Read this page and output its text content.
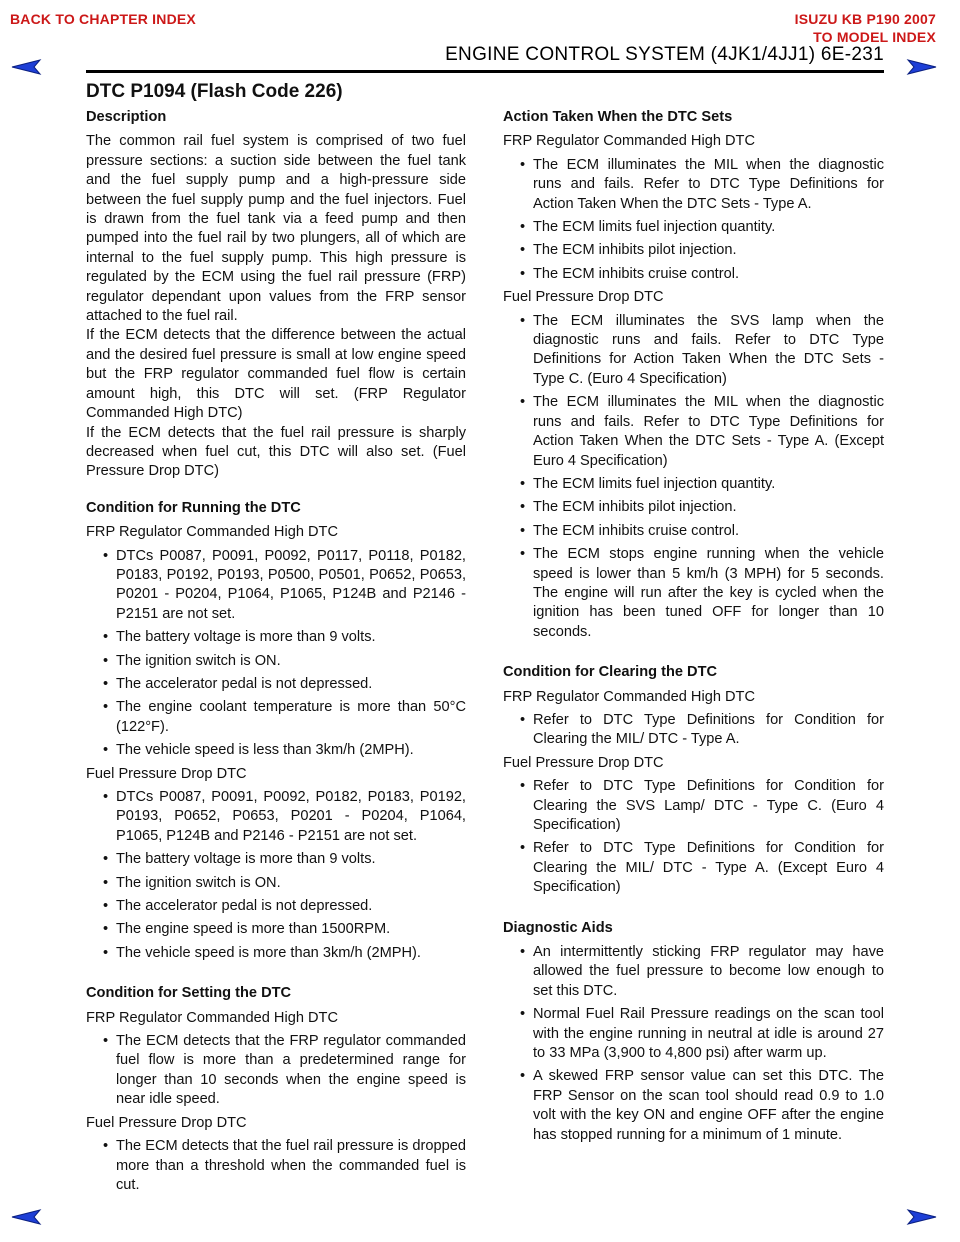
BACK TO CHAPTER INDEX	ISUZU KB P190 2007
TO MODEL INDEX
ENGINE CONTROL SYSTEM (4JK1/4JJ1) 6E-231
DTC P1094 (Flash Code 226)
Description
The common rail fuel system is comprised of two fuel pressure sections: a suction side between the fuel tank and the fuel supply pump and a high-pressure side between the fuel supply pump and the fuel injectors. Fuel is drawn from the fuel tank via a feed pump and then pumped into the fuel rail by two plungers, all of which are internal to the fuel supply pump. This high pressure is regulated by the ECM using the fuel rail pressure (FRP) regulator dependant upon values from the FRP sensor attached to the fuel rail.
If the ECM detects that the difference between the actual and the desired fuel pressure is small at low engine speed but the FRP regulator commanded fuel flow is certain amount high, this DTC will set. (FRP Regulator Commanded High DTC)
If the ECM detects that the fuel rail pressure is sharply decreased when fuel cut, this DTC will also set. (Fuel Pressure Drop DTC)
Condition for Running the DTC
FRP Regulator Commanded High DTC
• DTCs P0087, P0091, P0092, P0117, P0118, P0182, P0183, P0192, P0193, P0500, P0501, P0652, P0653, P0201 - P0204, P1064, P1065, P124B and P2146 - P2151 are not set.
• The battery voltage is more than 9 volts.
• The ignition switch is ON.
• The accelerator pedal is not depressed.
• The engine coolant temperature is more than 50°C (122°F).
• The vehicle speed is less than 3km/h (2MPH).
Fuel Pressure Drop DTC
• DTCs P0087, P0091, P0092, P0182, P0183, P0192, P0193, P0652, P0653, P0201 - P0204, P1064, P1065, P124B and P2146 - P2151 are not set.
• The battery voltage is more than 9 volts.
• The ignition switch is ON.
• The accelerator pedal is not depressed.
• The engine speed is more than 1500RPM.
• The vehicle speed is more than 3km/h (2MPH).
Condition for Setting the DTC
FRP Regulator Commanded High DTC
• The ECM detects that the FRP regulator commanded fuel flow is more than a predetermined range for longer than 10 seconds when the engine speed is near idle speed.
Fuel Pressure Drop DTC
• The ECM detects that the fuel rail pressure is dropped more than a threshold when the commanded fuel is cut.
Action Taken When the DTC Sets
FRP Regulator Commanded High DTC
• The ECM illuminates the MIL when the diagnostic runs and fails. Refer to DTC Type Definitions for Action Taken When the DTC Sets - Type A.
• The ECM limits fuel injection quantity.
• The ECM inhibits pilot injection.
• The ECM inhibits cruise control.
Fuel Pressure Drop DTC
• The ECM illuminates the SVS lamp when the diagnostic runs and fails. Refer to DTC Type Definitions for Action Taken When the DTC Sets - Type C. (Euro 4 Specification)
• The ECM illuminates the MIL when the diagnostic runs and fails. Refer to DTC Type Definitions for Action Taken When the DTC Sets - Type A. (Except Euro 4 Specification)
• The ECM limits fuel injection quantity.
• The ECM inhibits pilot injection.
• The ECM inhibits cruise control.
• The ECM stops engine running when the vehicle speed is lower than 5 km/h (3 MPH) for 5 seconds. The engine will run after the key is cycled when the ignition has been tuned OFF for longer than 10 seconds.
Condition for Clearing the DTC
FRP Regulator Commanded High DTC
• Refer to DTC Type Definitions for Condition for Clearing the MIL/ DTC - Type A.
Fuel Pressure Drop DTC
• Refer to DTC Type Definitions for Condition for Clearing the SVS Lamp/ DTC - Type C. (Euro 4 Specification)
• Refer to DTC Type Definitions for Condition for Clearing the MIL/ DTC - Type A. (Except Euro 4 Specification)
Diagnostic Aids
• An intermittently sticking FRP regulator may have allowed the fuel pressure to become low enough to set this DTC.
• Normal Fuel Rail Pressure readings on the scan tool with the engine running in neutral at idle is around 27 to 33 MPa (3,900 to 4,800 psi) after warm up.
• A skewed FRP sensor value can set this DTC. The FRP Sensor on the scan tool should read 0.9 to 1.0 volt with the key ON and engine OFF after the engine has stopped running for a minimum of 1 minute.
